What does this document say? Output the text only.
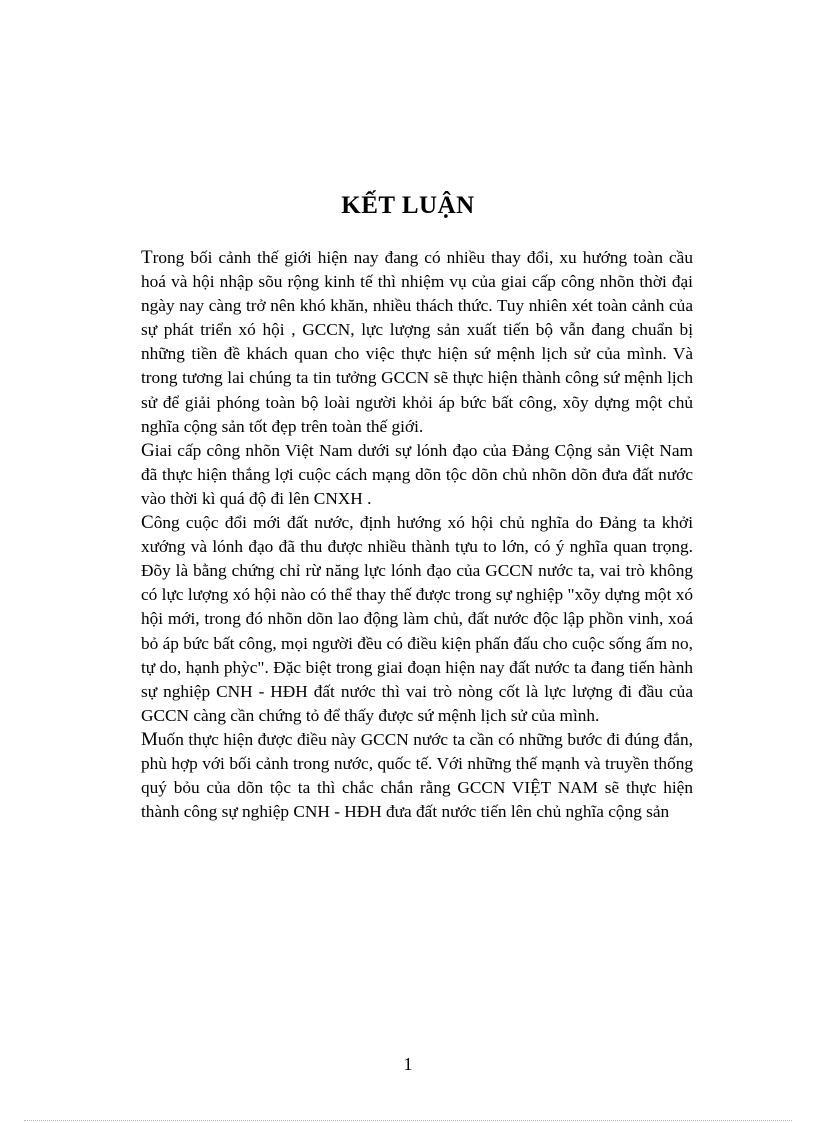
KẾT LUẬN

Trong bối cảnh thế giới hiện nay đang có nhiều thay đổi, xu hướng toàn cầu hoá và hội nhập sõu rộng kinh tế thì nhiệm vụ của giai cấp công nhõn thời đại ngày nay càng trở nên khó khăn, nhiều thách thức. Tuy nhiên xét toàn cảnh của sự phát triển xó hội , GCCN, lực lượng sản xuất tiến bộ vẫn đang chuẩn bị những tiền đề khách quan cho việc thực hiện sứ mệnh lịch sử của mình. Và trong tương lai chúng ta tin tưởng GCCN sẽ thực hiện thành công sứ mệnh lịch sử để giải phóng toàn bộ loài người khỏi áp bức bất công, xõy dựng một chủ nghĩa cộng sản tốt đẹp trên toàn thế giới.

Giai cấp công nhõn Việt Nam dưới sự lónh đạo của Đảng Cộng sản Việt Nam đã thực hiện thắng lợi cuộc cách mạng dõn tộc dõn chủ nhõn dõn đưa đất nước vào thời kì quá độ đi lên CNXH .

Công cuộc đổi mới đất nước, định hướng xó hội chủ nghĩa do Đảng ta khởi xướng và lónh đạo đã thu được nhiều thành tựu to lớn, có ý nghĩa quan trọng. Đõy là bằng chứng chỉ rừ năng lực lónh đạo của GCCN nước ta, vai trò không có lực lượng xó hội nào có thể thay thế được trong sự nghiệp "xõy dựng một xó hội mới, trong đó nhõn dõn lao động làm chủ, đất nước độc lập phồn vinh, xoá bỏ áp bức bất công, mọi người đều có điều kiện phấn đấu cho cuộc sống ấm no, tự do, hạnh phỳc". Đặc biệt trong giai đoạn hiện nay đất nước ta đang tiến hành sự nghiệp CNH - HĐH đất nước thì vai trò nòng cốt là lực lượng đi đầu của GCCN càng cần chứng tỏ để thấy được sứ mệnh lịch sử của mình.

Muốn thực hiện được điều này GCCN nước ta cần có những bước đi đúng đắn, phù hợp với bối cảnh trong nước, quốc tế. Với những thế mạnh và truyền thống quý bỏu của dõn tộc ta thì chắc chắn rằng GCCN VIỆT NAM sẽ thực hiện thành công sự nghiệp CNH - HĐH đưa đất nước tiến lên chủ nghĩa cộng sản

1
